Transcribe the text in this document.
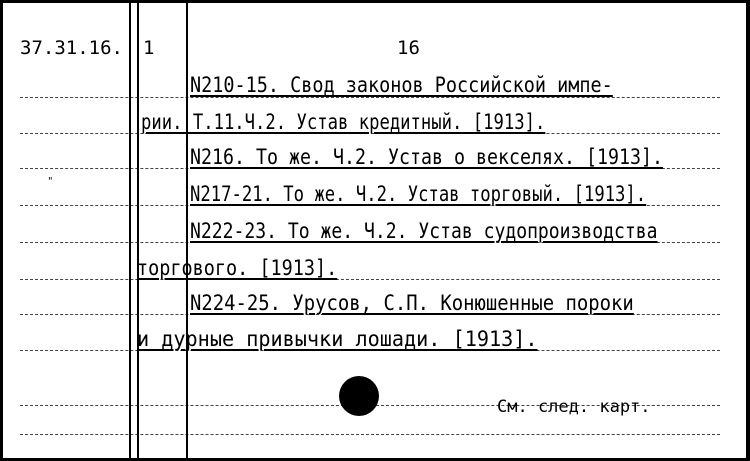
37.31.16. 1	16
N210-15. Свод законов Российской импе-
рии. Т.11.Ч.2. Устав кредитный. [1913].
N216. То же. Ч.2. Устав о векселях. [1913].
N217-21. То же. Ч.2. Устав торговый. [1913].
N222-23. То же. Ч.2. Устав судопроизводства
торгового. [1913].
N224-25. Урусов, С.П. Конюшенные пороки
и дурные привычки лошади. [1913].
"
См. след. карт.
